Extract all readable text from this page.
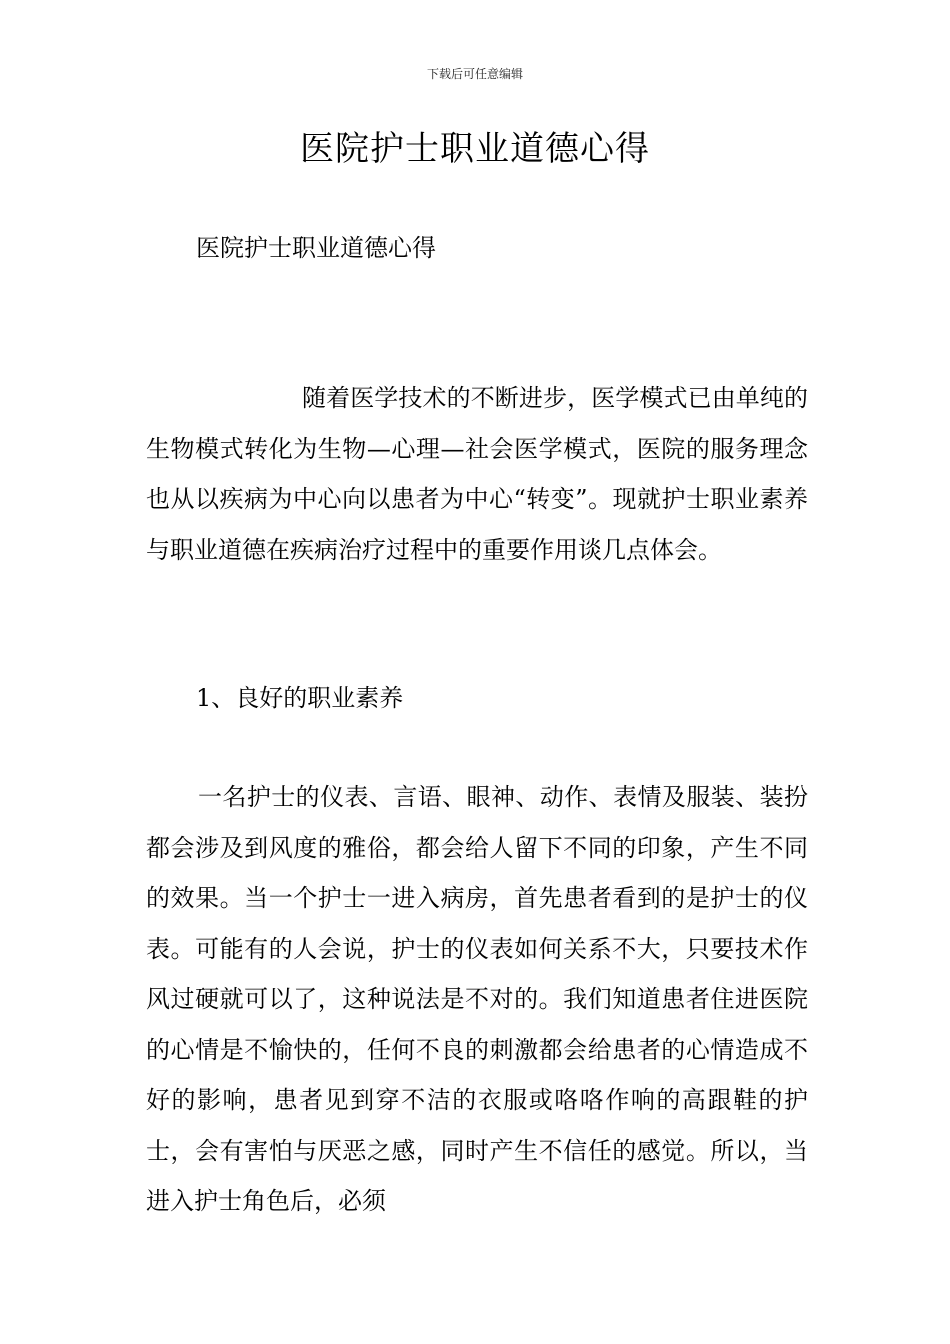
下载后可任意编辑
医院护士职业道德心得
医院护士职业道德心得

随着医学技术的不断进步，医学模式已由单纯的生物模式转化为生物—心理—社会医学模式，医院的服务理念也从以疾病为中心向以患者为中心“转变”。现就护士职业素养与职业道德在疾病治疗过程中的重要作用谈几点体会。

1、良好的职业素养

一名护士的仪表、言语、眼神、动作、表情及服装、装扮都会涉及到风度的雅俗，都会给人留下不同的印象，产生不同的效果。当一个护士一进入病房，首先患者看到的是护士的仪表。可能有的人会说，护士的仪表如何关系不大，只要技术作风过硬就可以了，这种说法是不对的。我们知道患者住进医院的心情是不愉快的，任何不良的刺激都会给患者的心情造成不好的影响，患者见到穿不洁的衣服或咯咯作响的高跟鞋的护士，会有害怕与厌恶之感，同时产生不信任的感觉。所以，当进入护士角色后，必须
